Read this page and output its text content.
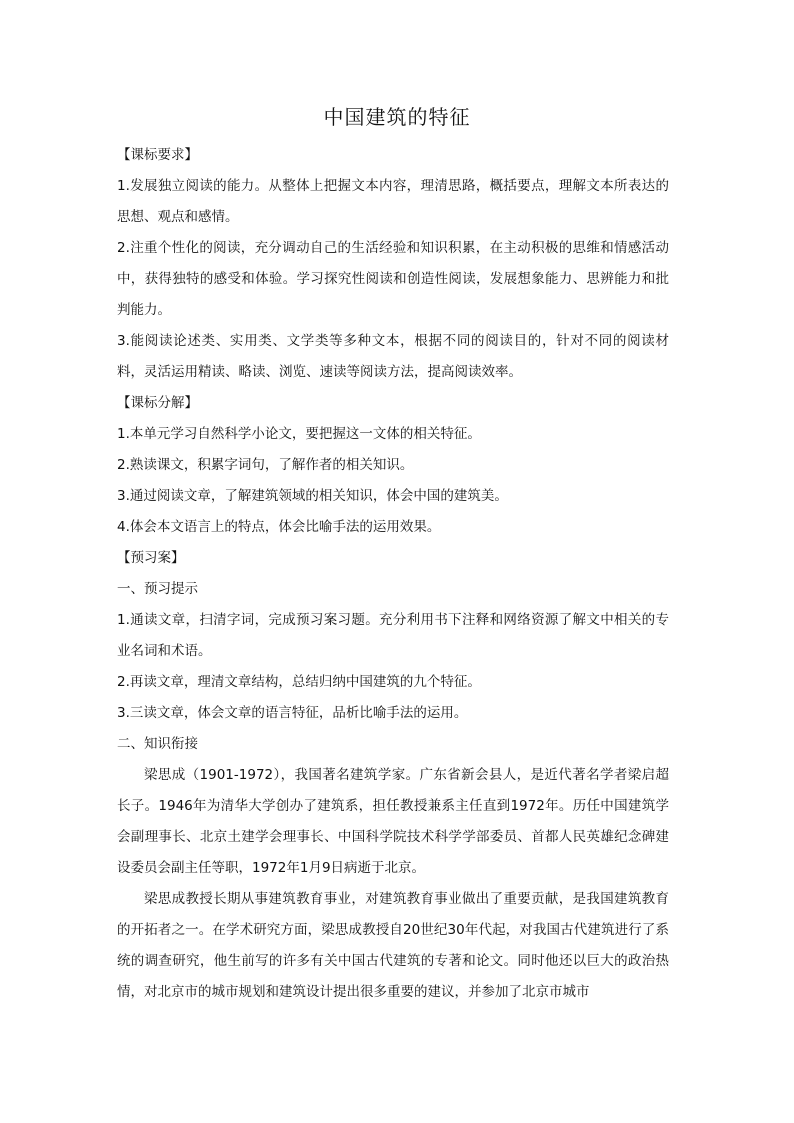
中国建筑的特征

【课标要求】

1.发展独立阅读的能力。从整体上把握文本内容，理清思路，概括要点，理解文本所表达的思想、观点和感情。

2.注重个性化的阅读，充分调动自己的生活经验和知识积累，在主动积极的思维和情感活动中，获得独特的感受和体验。学习探究性阅读和创造性阅读，发展想象能力、思辨能力和批判能力。

3.能阅读论述类、实用类、文学类等多种文本，根据不同的阅读目的，针对不同的阅读材料，灵活运用精读、略读、浏览、速读等阅读方法，提高阅读效率。

【课标分解】

1.本单元学习自然科学小论文，要把握这一文体的相关特征。

2.熟读课文，积累字词句，了解作者的相关知识。

3.通过阅读文章，了解建筑领域的相关知识，体会中国的建筑美。

4.体会本文语言上的特点，体会比喻手法的运用效果。

【预习案】

一、预习提示

1.通读文章，扫清字词，完成预习案习题。充分利用书下注释和网络资源了解文中相关的专业名词和术语。

2.再读文章，理清文章结构，总结归纳中国建筑的九个特征。

3.三读文章，体会文章的语言特征，品析比喻手法的运用。

二、知识衔接

梁思成（1901-1972），我国著名建筑学家。广东省新会县人，是近代著名学者梁启超长子。1946年为清华大学创办了建筑系，担任教授兼系主任直到1972年。历任中国建筑学会副理事长、北京土建学会理事长、中国科学院技术科学学部委员、首都人民英雄纪念碑建设委员会副主任等职，1972年1月9日病逝于北京。

梁思成教授长期从事建筑教育事业，对建筑教育事业做出了重要贡献，是我国建筑教育的开拓者之一。在学术研究方面，梁思成教授自20世纪30年代起，对我国古代建筑进行了系统的调查研究，他生前写的许多有关中国古代建筑的专著和论文。同时他还以巨大的政治热情，对北京市的城市规划和建筑设计提出很多重要的建议，并参加了北京市城市
